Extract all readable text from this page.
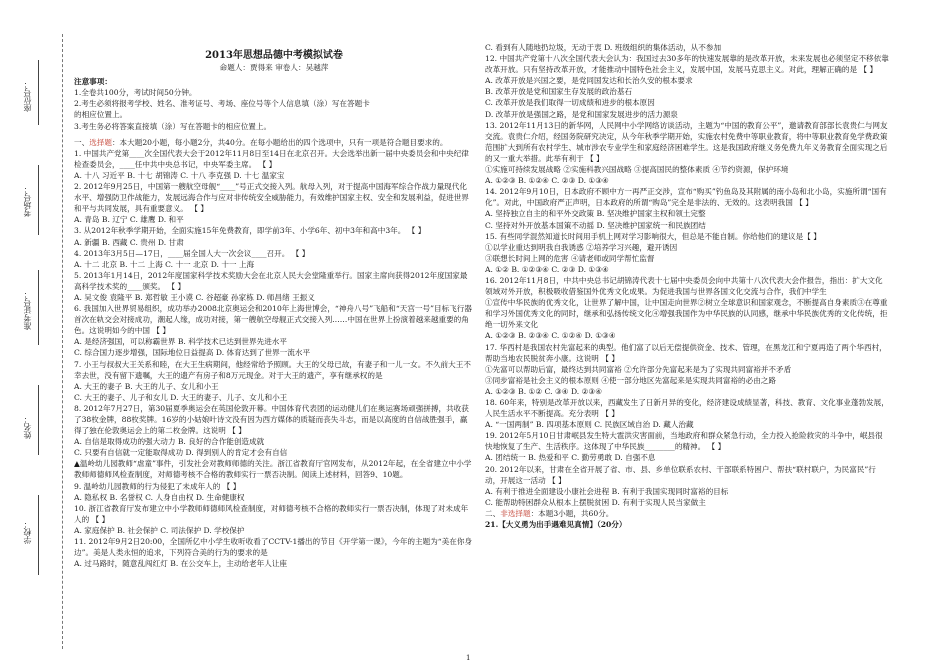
座位号：
考场号：
准考证号：
姓名：
学校：

2013年思想品德中考模拟试卷

命题人：贾得来 审卷人：吴越萍

注意事项：

1.全卷共100分，考试时间50分钟。

2.考生必须将报考学校、姓名、准考证号、考场、座位号等个人信息填（涂）写在答题卡

的相应位置上。

3.考生务必将答案直接填（涂）写在答题卡的相应位置上。

一、选择题：本大题20小题，每小题2分，共40分。在每小题给出的四个选项中，只有一项是符合题目要求的。

1. 中国共产党第____次全国代表大会于2012年11月8日至14日在北京召开。大会选举出新一届中央委员会和中央纪律检查委员会，____任中共中央总书记，中央军委主席。 【 】

A. 十八 习近平 B. 十七 胡锦涛 C. 十八 李克强 D. 十七 温家宝

2. 2012年9月25日，中国第一艘航空母舰“____”号正式交接入列。航母入列，对于提高中国海军综合作战力量现代化水平、增强防卫作战能力，发展远海合作与应对非传统安全威胁能力，有效维护国家主权、安全和发展利益，促进世界和平与共同发展，具有重要意义。 【 】

A. 青岛 B. 辽宁 C. 雄鹰 D. 和平

3. 从2012年秋季学期开始，全面实施15年免费教育，即学前3年、小学6年、初中3年和高中3年。 【 】

A. 新疆 B. 西藏 C. 贵州 D. 甘肃

4. 2013年3月5日—17日，____届全国人大一次会议____召开。 【 】

A. 十二 北京 B. 十二 上海 C. 十一 北京 D. 十一 上海

5. 2013年1月14日，2012年度国家科学技术奖励大会在北京人民大会堂隆重举行。国家主席向获得2012年度国家最高科学技术奖的____颁奖。 【 】

A. 吴文俊 袁隆平 B. 郑哲敏 王小谟 C. 谷超豪 孙家栋 D. 师昌绪 王振义

6. 我国加入世界贸易组织，成功举办2008北京奥运会和2010年上海世博会，“神舟八号”飞船和“天宫一号”目标飞行器首次在轨交会对接成功，潮起人缘，成功对接，第一艘航空母舰正式交接入列……中国在世界上扮演着越来越重要的角色。这说明如今的中国 【 】

A. 是经济强国，可以称霸世界 B. 科学技术已达到世界先进水平

C. 综合国力逐步增强，国际地位日益提高 D. 体育达到了世界一流水平

7. 小王与叔叔大王关系和睦，在大王生病期间，他经常给予照顾。大王的父母已故，有妻子和一儿一女。不久前大王不幸去世，没有留下遗嘱，大王的遗产有房子和8万元现金。对于大王的遗产，享有继承权的是

A. 大王的妻子 B. 大王的儿子、女儿和小王

C. 大王的妻子、儿子和女儿 D. 大王的妻子、儿子、女儿和小王

8. 2012年7月27日，第30届夏季奥运会在英国伦敦开幕。中国体育代表团的运动健儿们在奥运赛场顽强拼搏，共收获了38枚金牌，88枚奖牌。16岁的小姑娘叶诗文没有因为西方媒体的质疑而丧失斗志，而是以高度的自信战胜强手，赢得了独在伦敦奥运会上的第二枚金牌。这说明 【 】

A. 自信是取得成功的强大动力 B. 良好的合作能创造成就

C. 只要有自信就一定能取得成功 D. 得到别人的肯定才会有自信

▲温岭幼儿园教师“虐童”事件，引发社会对教师师德的关注。浙江省教育厅官网发布，从2012年起，在全省建立中小学教师师德师风检查制度，对师德考核不合格的教师实行一票否决制。阅读上述材料，回答9、10题。

9. 温岭幼儿园教师的行为侵犯了未成年人的 【 】

A. 隐私权 B. 名誉权 C. 人身自由权 D. 生命健康权

10. 浙江省教育厅发布建立中小学教师师德师风检查制度，对师德考核不合格的教师实行一票否决制，体现了对未成年人的 【 】

A. 家庭保护 B. 社会保护 C. 司法保护 D. 学校保护

11. 2012年9月2日20:00，全国所亿中小学生收听收看了CCTV-1播出的节目《开学第一课》，今年的主题为“美在你身边”。美是人类永恒的追求，下列符合美的行为的要求的是

A. 过马路时，随意乱闯红灯 B. 在公交车上，主动给老年人让座

C. 看到有人随地扔垃圾，无动于衷 D. 班级组织的集体活动，从不参加

12. 中国共产党第十八次全国代表大会认为：我国过去30多年的快速发展靠的是改革开放，未来发展也必须坚定不移依靠改革开放。只有坚持改革开放，才能推动中国特色社会主义，发展中国，发展马克思主义。对此，理解正确的是 【 】

A. 改革开放是兴国之要，是党同国发达和长治久安的根本要求

B. 改革开放是党和国家生存发展的政治基石

C. 改革开放是我们取得一切成绩和进步的根本原因

D. 改革开放是强国之路，是党和国家发展进步的活力源泉

13. 2012年11月13日的新华网，人民网中小学网络访谈活动，主题为“中国的教育公平”，邀请教育部部长袁贵仁与网友交流。袁贵仁介绍，经国务院研究决定，从今年秋季学期开始，实施农村免费中等职业教育，将中等职业教育免学费政策范围扩大到所有农村学生、城市涉农专业学生和家庭经济困难学生。这是我国政府继义务免费九年义务教育全面实现之后的又一重大举措。此举有利于 【 】

①实施可持续发展战略 ②实施科教兴国战略 ③提高国民的整体素质 ④节约资源，保护环境

A. ①②③ B. ①②④ C. ②③ D. ①③④

14. 2012年9月10日，日本政府不顾中方一再严正交涉，宣布“购买”钓鱼岛及其附属的南小岛和北小岛，实施所谓“国有化”。对此，中国政府严正声明，日本政府的所谓“购岛”完全是非法的、无效的。这表明我国 【 】

A. 坚持独立自主的和平外交政策 B. 坚决维护国家主权和领土完整

C. 坚持对外开放基本国策不动摇 D. 坚决维护国家统一和民族团结

15. 有些同学混然知道长时间用手机上网对学习影响很大，但总是不能自制。你给他们的建议是【 】

①以学业重达到明我自我诱惑 ②培养学习兴趣，避开诱因

③联想长时间上网的危害 ④请老师或同学帮忙监督

A. ①② B. ①②③④ C. ②③ D. ①③④

16. 2012年11月8日，中共中央总书记胡锦涛代表十七届中央委员会向中共第十八次代表大会作报告，指出：扩大文化领域对外开放，积极吸收借鉴国外优秀文化成果。为促进我国与世界各国文化交流与合作，我们中学生

①宣传中华民族的优秀文化，让世界了解中国，让中国走向世界②树立全球意识和国家观念，不断提高自身素质③在尊重和学习外国优秀文化的同时，继承和弘扬传统文化④增强我国作为中华民族的认同感，继承中华民族优秀的文化传统，拒绝一切外来文化

A. ①②③ B. ②③④ C. ①②④ D. ①③④

17. 华西村是我国农村先富起来的典型。他们富了以后无偿提供资金、技术、管理，在黑龙江和宁夏再造了两个华西村，帮助当地农民脱贫奔小康。这说明 【 】

①先富可以帮助后富，最终达到共同富裕 ②允许部分先富起来是为了实现共同富裕并不矛盾

③同步富裕是社会主义的根本原则 ④使一部分地区先富起来是实现共同富裕的必由之路

A. ①②③ B. ①② C. ③④ D. ②③④

18. 60年来，特别是改革开放以来，西藏发生了日新月异的变化，经济建设成绩显著，科技、教育、文化事业蓬勃发展，人民生活水平不断提高。充分表明 【 】

A. “一国两制” B. 四项基本原则 C. 民族区域自治 D. 藏人治藏

19. 2012年5月10日甘肃岷县发生特大雹洪灾害面前，当地政府和群众紧急行动，全力投入抢险救灾的斗争中，岷县很快地恢复了生产、生活秩序。这体现了中华民族________的精神。 【 】

A. 团结统一 B. 热爱和平 C. 勤劳勇敢 D. 自强不息

20. 2012年以来，甘肃在全省开展了省、市、县、乡单位联系农村、干部联系特困户、帮扶“联村联户，为民富民”行动，开展这一活动 【 】

A. 有利于推进全面建设小康社会进程 B. 有利于我国实现同时富裕的目标

C. 能帮助特困群众从根本上摆脱贫困 D. 有利于实现人民当家做主

二、非选择题：本题3小题，共60分。

21.【大义勇为出手遇难见真情】（20分）

1
